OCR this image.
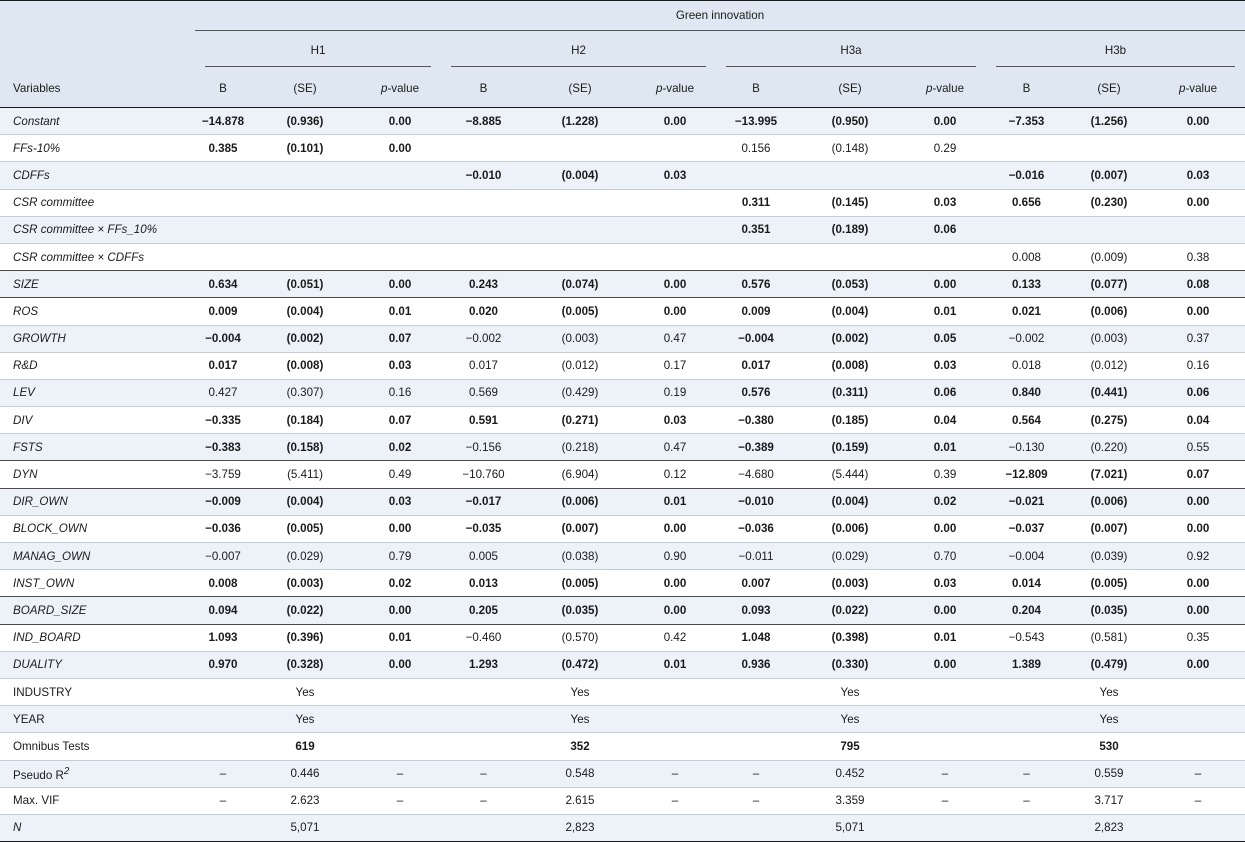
	Green innovation											

	H1			H2			H3a			H3b		

Variables	B	(SE)	p-value	B	(SE)	p-value	B	(SE)	p-value	B	(SE)	p-value
Constant	−14.878	(0.936)	0.00	−8.885	(1.228)	0.00	−13.995	(0.950)	0.00	−7.353	(1.256)	0.00
FFs-10%	0.385	(0.101)	0.00				0.156	(0.148)	0.29			
CDFFs				−0.010	(0.004)	0.03				−0.016	(0.007)	0.03
CSR committee							0.311	(0.145)	0.03	0.656	(0.230)	0.00
CSR committee × FFs_10%							0.351	(0.189)	0.06			
CSR committee × CDFFs										0.008	(0.009)	0.38
SIZE	0.634	(0.051)	0.00	0.243	(0.074)	0.00	0.576	(0.053)	0.00	0.133	(0.077)	0.08
ROS	0.009	(0.004)	0.01	0.020	(0.005)	0.00	0.009	(0.004)	0.01	0.021	(0.006)	0.00
GROWTH	−0.004	(0.002)	0.07	−0.002	(0.003)	0.47	−0.004	(0.002)	0.05	−0.002	(0.003)	0.37
R&D	0.017	(0.008)	0.03	0.017	(0.012)	0.17	0.017	(0.008)	0.03	0.018	(0.012)	0.16
LEV	0.427	(0.307)	0.16	0.569	(0.429)	0.19	0.576	(0.311)	0.06	0.840	(0.441)	0.06
DIV	−0.335	(0.184)	0.07	0.591	(0.271)	0.03	−0.380	(0.185)	0.04	0.564	(0.275)	0.04
FSTS	−0.383	(0.158)	0.02	−0.156	(0.218)	0.47	−0.389	(0.159)	0.01	−0.130	(0.220)	0.55
DYN	−3.759	(5.411)	0.49	−10.760	(6.904)	0.12	−4.680	(5.444)	0.39	−12.809	(7.021)	0.07
DIR_OWN	−0.009	(0.004)	0.03	−0.017	(0.006)	0.01	−0.010	(0.004)	0.02	−0.021	(0.006)	0.00
BLOCK_OWN	−0.036	(0.005)	0.00	−0.035	(0.007)	0.00	−0.036	(0.006)	0.00	−0.037	(0.007)	0.00
MANAG_OWN	−0.007	(0.029)	0.79	0.005	(0.038)	0.90	−0.011	(0.029)	0.70	−0.004	(0.039)	0.92
INST_OWN	0.008	(0.003)	0.02	0.013	(0.005)	0.00	0.007	(0.003)	0.03	0.014	(0.005)	0.00
BOARD_SIZE	0.094	(0.022)	0.00	0.205	(0.035)	0.00	0.093	(0.022)	0.00	0.204	(0.035)	0.00
IND_BOARD	1.093	(0.396)	0.01	−0.460	(0.570)	0.42	1.048	(0.398)	0.01	−0.543	(0.581)	0.35
DUALITY	0.970	(0.328)	0.00	1.293	(0.472)	0.01	0.936	(0.330)	0.00	1.389	(0.479)	0.00
INDUSTRY		Yes			Yes			Yes			Yes	
YEAR		Yes			Yes			Yes			Yes	
Omnibus Tests		619			352			795			530	
Pseudo $R^2$	–	0.446	–	–	0.548	–	–	0.452	–	–	0.559	–
Max. VIF	–	2.623	–	–	2.615	–	–	3.359	–	–	3.717	–
N		5,071			2,823			5,071			2,823	
